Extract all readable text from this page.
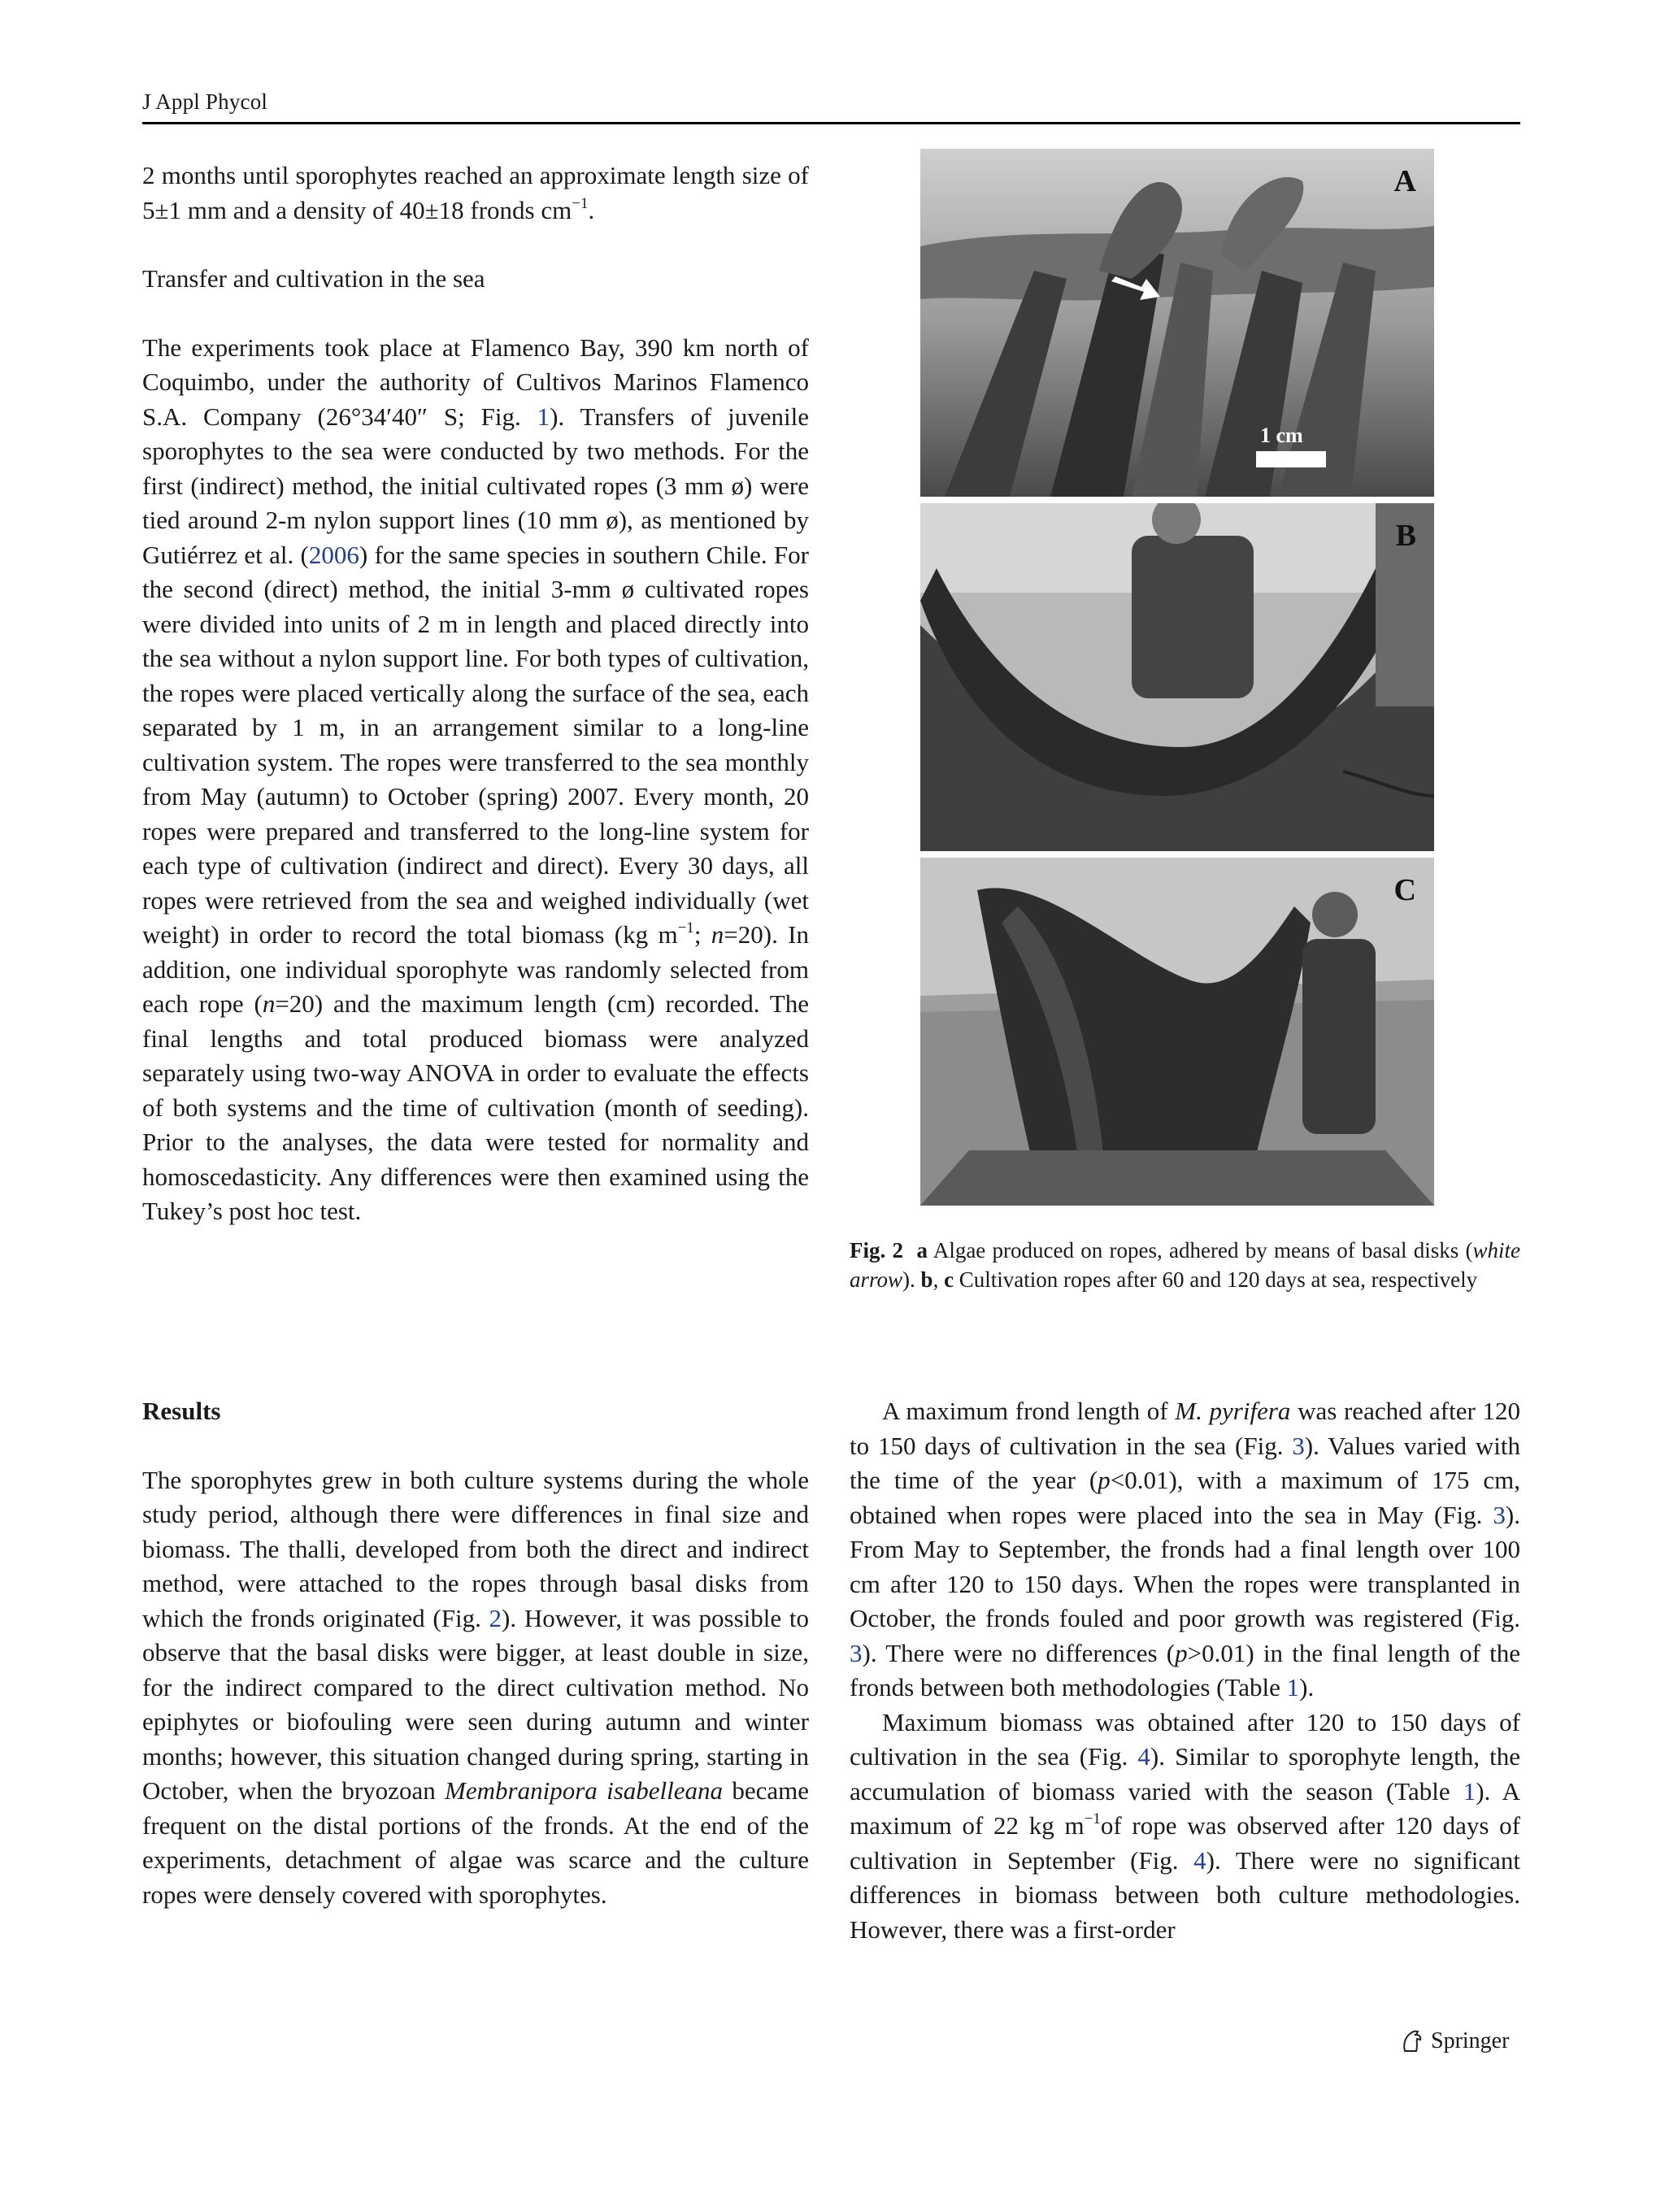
J Appl Phycol

2 months until sporophytes reached an approximate length size of 5±1 mm and a density of 40±18 fronds $cm^{-1}$.

Transfer and cultivation in the sea

The experiments took place at Flamenco Bay, 390 km north of Coquimbo, under the authority of Cultivos Marinos Flamenco S.A. Company (26°34′40″ S; Fig. 1). Transfers of juvenile sporophytes to the sea were conducted by two methods. For the first (indirect) method, the initial cultivated ropes (3 mm ø) were tied around 2-m nylon support lines (10 mm ø), as mentioned by Gutiérrez et al. (2006) for the same species in southern Chile. For the second (direct) method, the initial 3-mm ø cultivated ropes were divided into units of 2 m in length and placed directly into the sea without a nylon support line. For both types of cultivation, the ropes were placed vertically along the surface of the sea, each separated by 1 m, in an arrangement similar to a long-line cultivation system. The ropes were transferred to the sea monthly from May (autumn) to October (spring) 2007. Every month, 20 ropes were prepared and transferred to the long-line system for each type of cultivation (indirect and direct). Every 30 days, all ropes were retrieved from the sea and weighed individually (wet weight) in order to record the total biomass (kg $m^{-1}$; n=20). In addition, one individual sporophyte was randomly selected from each rope (n=20) and the maximum length (cm) recorded. The final lengths and total produced biomass were analyzed separately using two-way ANOVA in order to evaluate the effects of both systems and the time of cultivation (month of seeding). Prior to the analyses, the data were tested for normality and homoscedasticity. Any differences were then examined using the Tukey’s post hoc test.

A
1 cm
B
C
Fig. 2 a Algae produced on ropes, adhered by means of basal disks (white arrow). b, c Cultivation ropes after 60 and 120 days at sea, respectively

Results

The sporophytes grew in both culture systems during the whole study period, although there were differences in final size and biomass. The thalli, developed from both the direct and indirect method, were attached to the ropes through basal disks from which the fronds originated (Fig. 2). However, it was possible to observe that the basal disks were bigger, at least double in size, for the indirect compared to the direct cultivation method. No epiphytes or biofouling were seen during autumn and winter months; however, this situation changed during spring, starting in October, when the bryozoan Membranipora isabelleana became frequent on the distal portions of the fronds. At the end of the experiments, detachment of algae was scarce and the culture ropes were densely covered with sporophytes.

A maximum frond length of M. pyrifera was reached after 120 to 150 days of cultivation in the sea (Fig. 3). Values varied with the time of the year (p<0.01), with a maximum of 175 cm, obtained when ropes were placed into the sea in May (Fig. 3). From May to September, the fronds had a final length over 100 cm after 120 to 150 days. When the ropes were transplanted in October, the fronds fouled and poor growth was registered (Fig. 3). There were no differences (p>0.01) in the final length of the fronds between both methodologies (Table 1).

Maximum biomass was obtained after 120 to 150 days of cultivation in the sea (Fig. 4). Similar to sporophyte length, the accumulation of biomass varied with the season (Table 1). A maximum of 22 kg $m^{-1}of$ rope was observed after 120 days of cultivation in September (Fig. 4). There were no significant differences in biomass between both culture methodologies. However, there was a first-order

Springer
